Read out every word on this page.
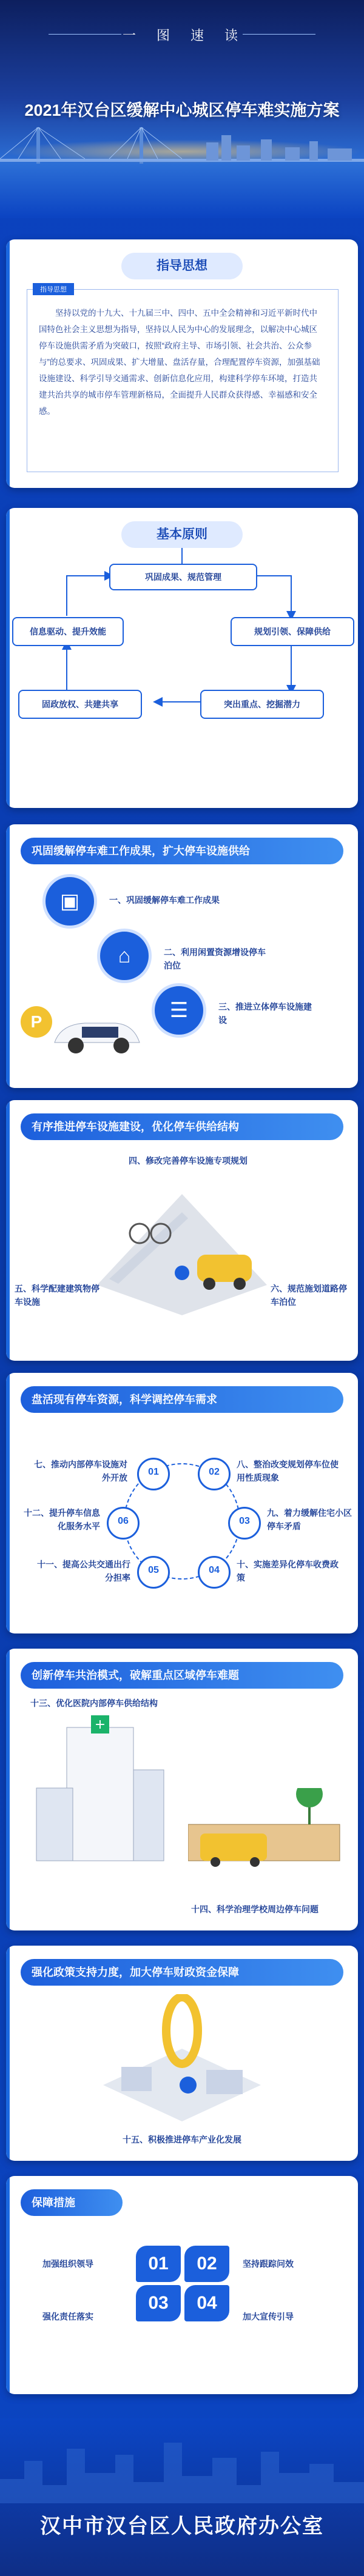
一 图 速 读
2021年汉台区缓解中心城区停车难实施方案
指导思想
指导思想
坚持以党的十九大、十九届三中、四中、五中全会精神和习近平新时代中国特色社会主义思想为指导，坚持以人民为中心的发展理念，以解决中心城区停车设施供需矛盾为突破口，按照“政府主导、市场引领、社会共治、公众参与”的总要求、巩固成果、扩大增量、盘活存量，合理配置停车资源，加强基础设施建设、科学引导交通需求、创新信息化应用，构建科学停车环境，打造共建共治共享的城市停车管理新格局，全面提升人民群众获得感、幸福感和安全感。
基本原则
巩固成果、规范管理
规划引领、保障供给
突出重点、挖掘潜力
固政放权、共建共享
信息驱动、提升效能
巩固缓解停车难工作成果，扩大停车设施供给
▣
⌂
☰
一、巩固缓解停车难工作成果
二、利用闲置资源增设停车泊位
三、推进立体停车设施建设
P
有序推进停车设施建设，优化停车供给结构
四、修改完善停车设施专项规划
五、科学配建建筑物停车设施
六、规范施划道路停车泊位
盘活现有停车资源，科学调控停车需求
01	02
03
04
05
06
七、推动内部停车设施对外开放
八、整治改变规划停车位使用性质现象
九、着力缓解住宅小区停车矛盾
十、实施差异化停车收费政策
十一、提高公共交通出行分担率
十二、提升停车信息化服务水平
创新停车共治模式，破解重点区域停车难题
十三、优化医院内部停车供给结构
+
十四、科学治理学校周边停车问题
强化政策支持力度，加大停车财政资金保障
十五、积极推进停车产业化发展
保障措施
01	02
03	04
加强组织领导	坚持跟踪问效
强化责任落实	加大宣传引导
汉中市汉台区人民政府办公室
